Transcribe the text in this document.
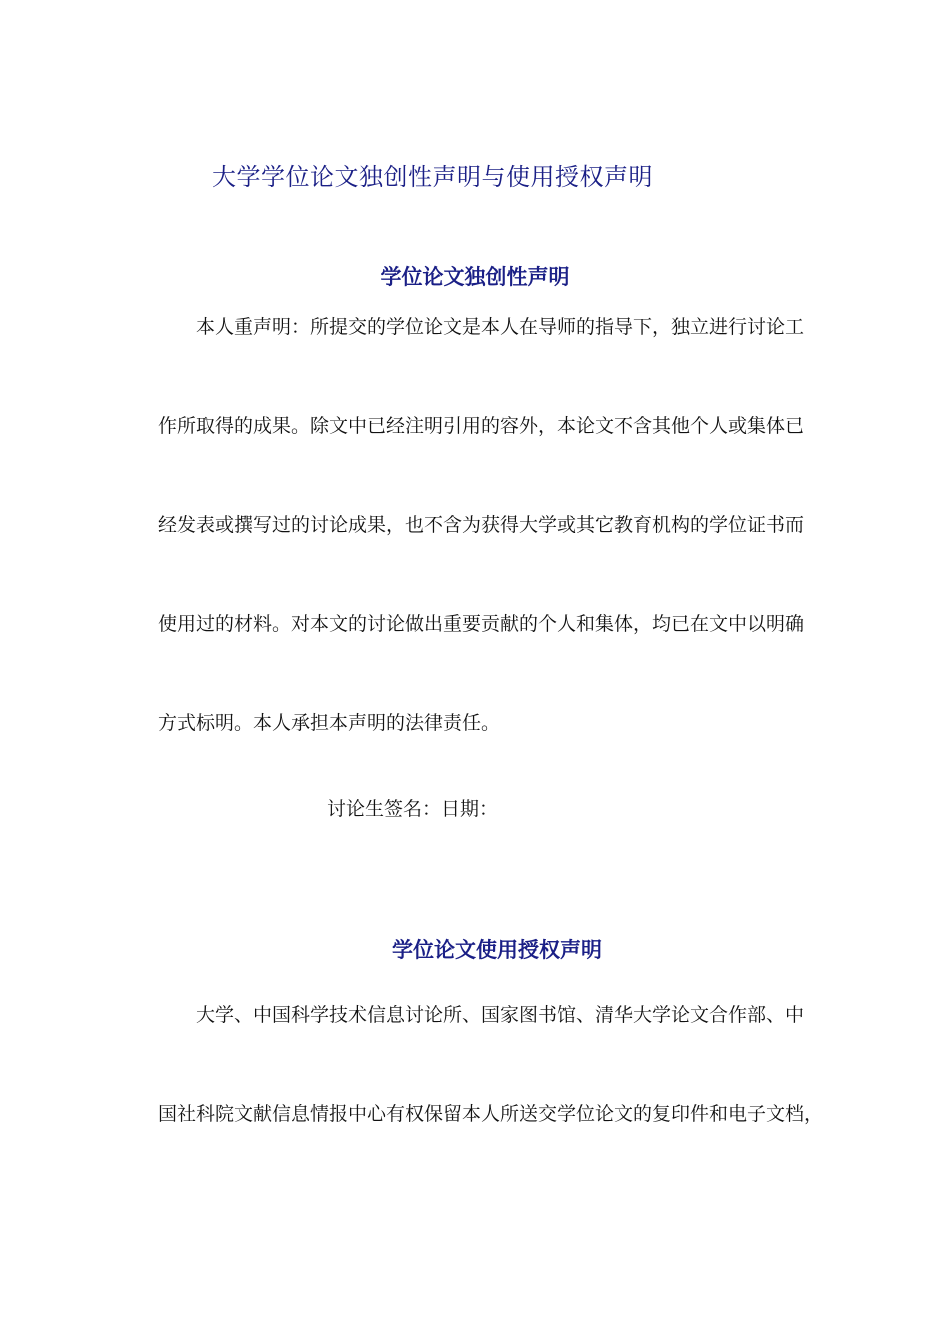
大学学位论文独创性声明与使用授权声明
学位论文独创性声明
本人重声明：所提交的学位论文是本人在导师的指导下，独立进行讨论工
作所取得的成果。除文中已经注明引用的容外，本论文不含其他个人或集体已
经发表或撰写过的讨论成果，也不含为获得大学或其它教育机构的学位证书而
使用过的材料。对本文的讨论做出重要贡献的个人和集体，均已在文中以明确
方式标明。本人承担本声明的法律责任。
讨论生签名：日期：
学位论文使用授权声明
大学、中国科学技术信息讨论所、国家图书馆、清华大学论文合作部、中
国社科院文献信息情报中心有权保留本人所送交学位论文的复印件和电子文档，
